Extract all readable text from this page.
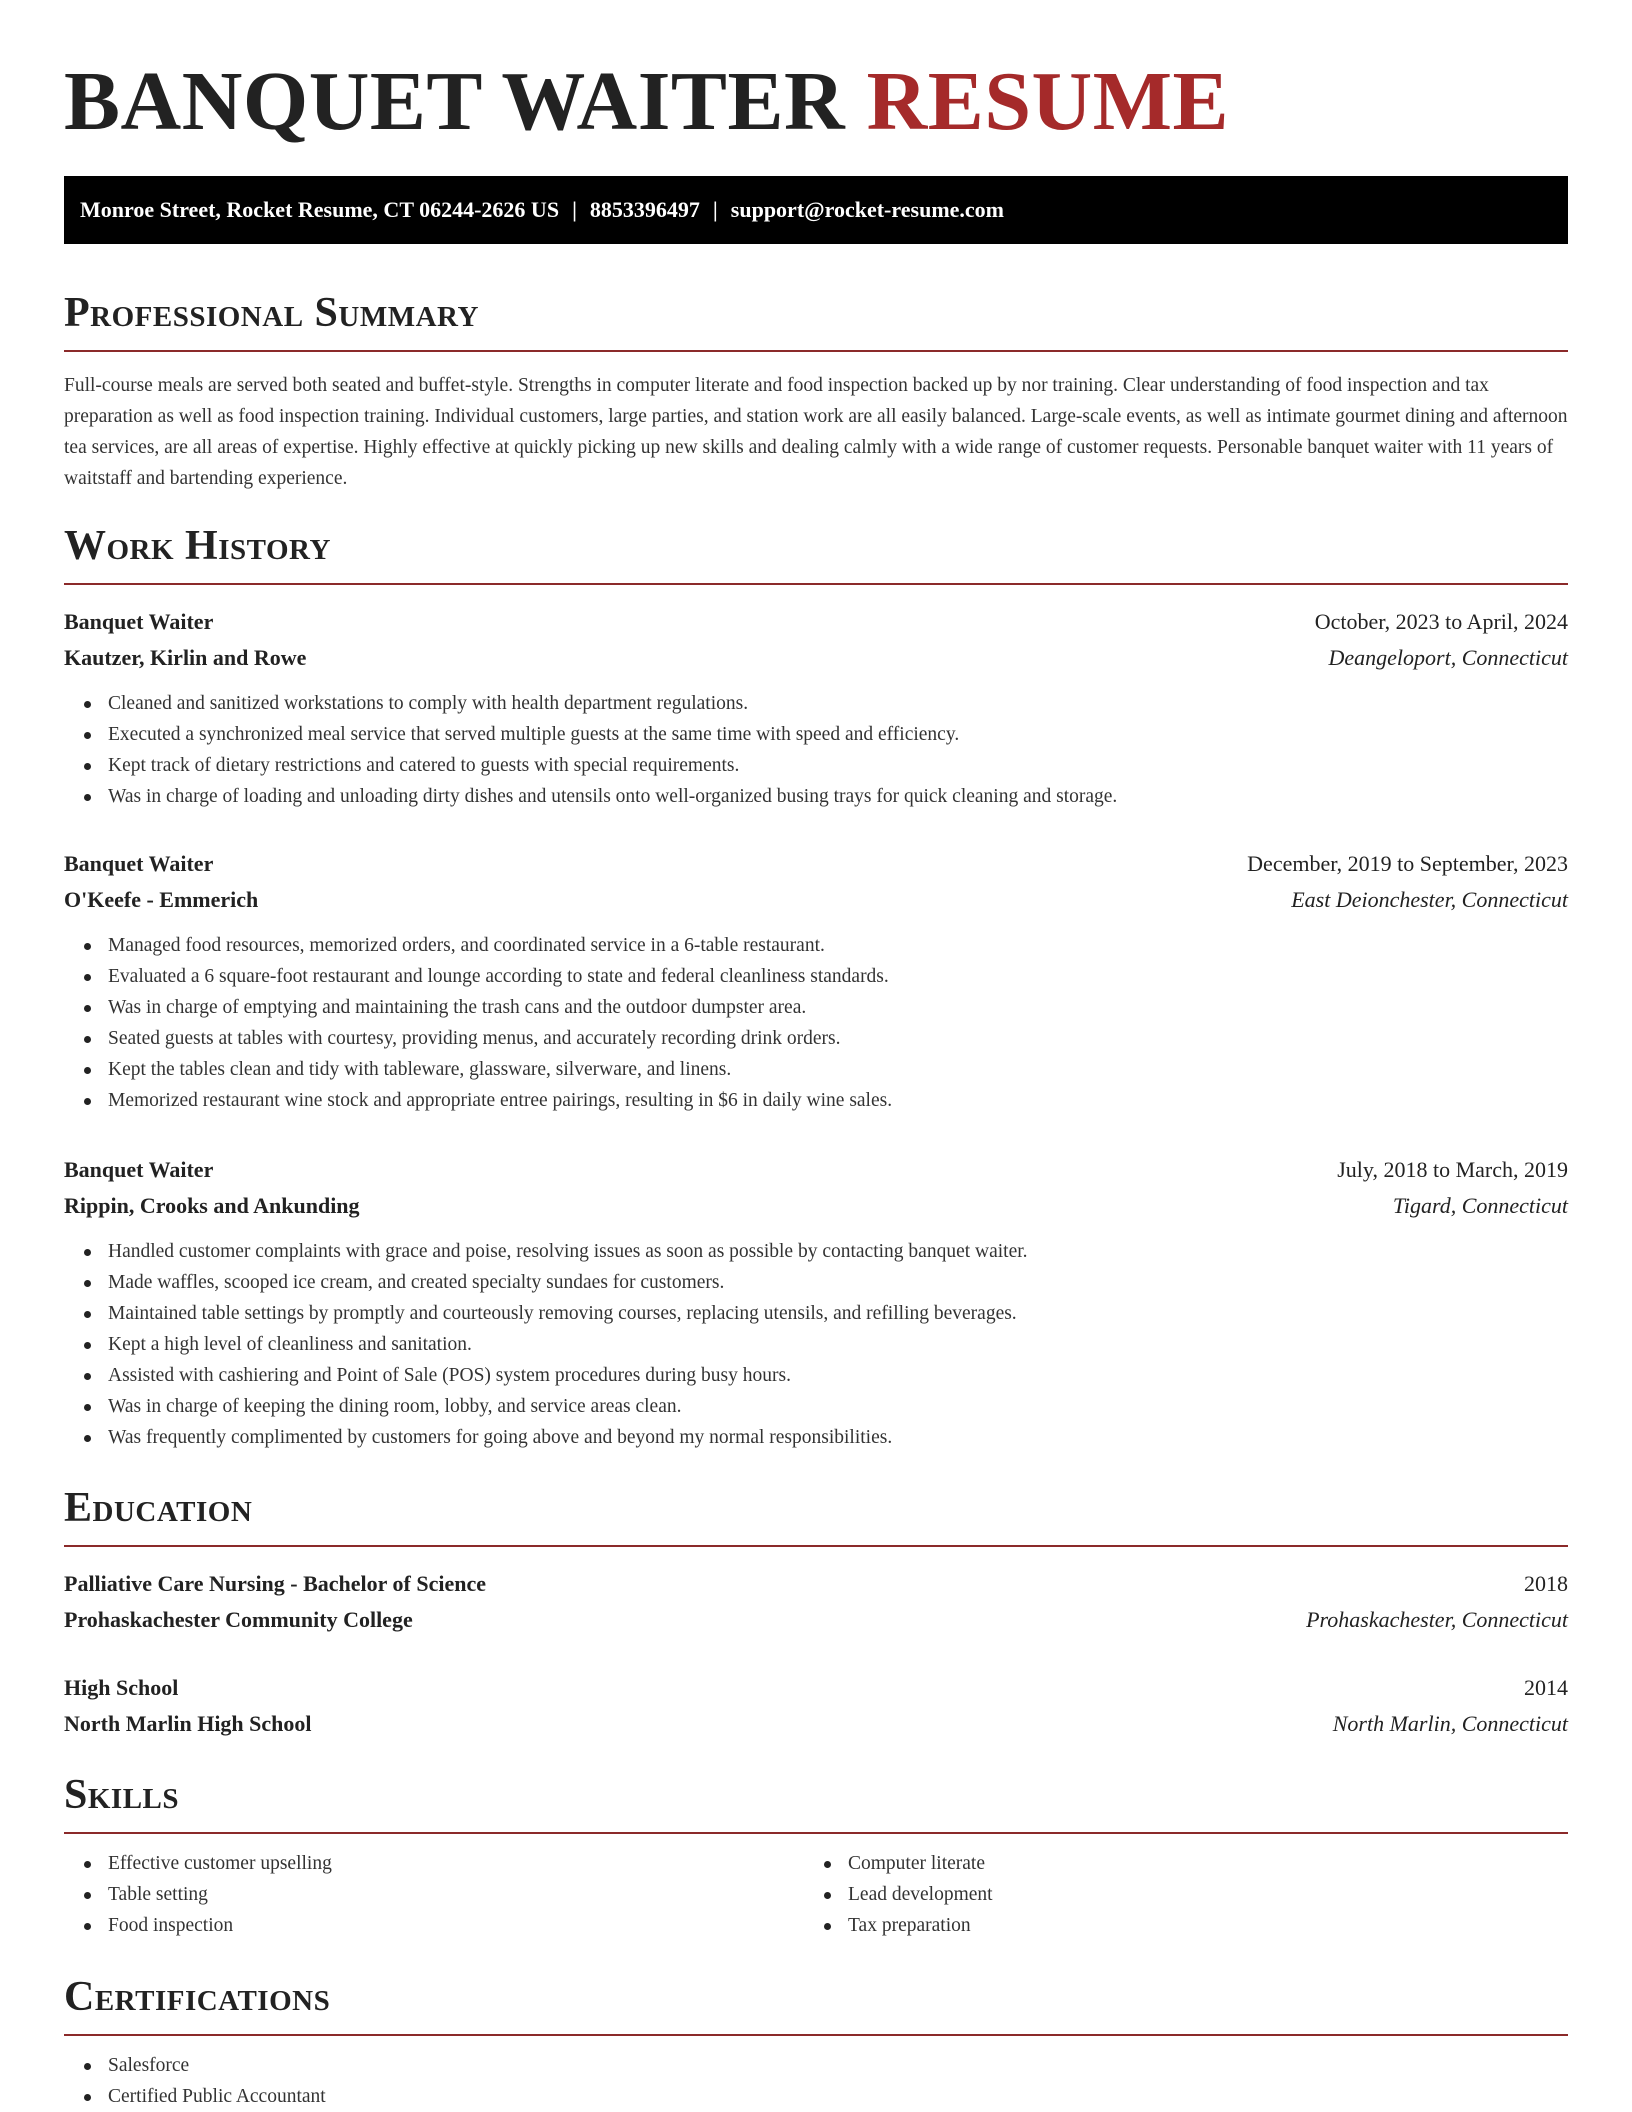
BANQUET WAITER RESUME
Monroe Street, Rocket Resume, CT 06244-2626 US | 8853396497 | support@rocket-resume.com
Professional Summary

Full-course meals are served both seated and buffet-style. Strengths in computer literate and food inspection backed up by nor training. Clear understanding of food inspection and tax preparation as well as food inspection training. Individual customers, large parties, and station work are all easily balanced. Large-scale events, as well as intimate gourmet dining and afternoon tea services, are all areas of expertise. Highly effective at quickly picking up new skills and dealing calmly with a wide range of customer requests. Personable banquet waiter with 11 years of waitstaff and bartending experience.

Work History
Banquet Waiter	October, 2023 to April, 2024
Kautzer, Kirlin and Rowe	Deangeloport, Connecticut
Cleaned and sanitized workstations to comply with health department regulations.
Executed a synchronized meal service that served multiple guests at the same time with speed and efficiency.
Kept track of dietary restrictions and catered to guests with special requirements.
Was in charge of loading and unloading dirty dishes and utensils onto well-organized busing trays for quick cleaning and storage.
Banquet Waiter	December, 2019 to September, 2023
O'Keefe - Emmerich	East Deionchester, Connecticut
Managed food resources, memorized orders, and coordinated service in a 6-table restaurant.
Evaluated a 6 square-foot restaurant and lounge according to state and federal cleanliness standards.
Was in charge of emptying and maintaining the trash cans and the outdoor dumpster area.
Seated guests at tables with courtesy, providing menus, and accurately recording drink orders.
Kept the tables clean and tidy with tableware, glassware, silverware, and linens.
Memorized restaurant wine stock and appropriate entree pairings, resulting in $6 in daily wine sales.
Banquet Waiter	July, 2018 to March, 2019
Rippin, Crooks and Ankunding	Tigard, Connecticut
Handled customer complaints with grace and poise, resolving issues as soon as possible by contacting banquet waiter.
Made waffles, scooped ice cream, and created specialty sundaes for customers.
Maintained table settings by promptly and courteously removing courses, replacing utensils, and refilling beverages.
Kept a high level of cleanliness and sanitation.
Assisted with cashiering and Point of Sale (POS) system procedures during busy hours.
Was in charge of keeping the dining room, lobby, and service areas clean.
Was frequently complimented by customers for going above and beyond my normal responsibilities.
Education
Palliative Care Nursing - Bachelor of Science	2018
Prohaskachester Community College	Prohaskachester, Connecticut
High School	2014
North Marlin High School	North Marlin, Connecticut
Skills
Effective customer upselling
Table setting
Food inspection
Computer literate
Lead development
Tax preparation
Certifications
Salesforce
Certified Public Accountant
